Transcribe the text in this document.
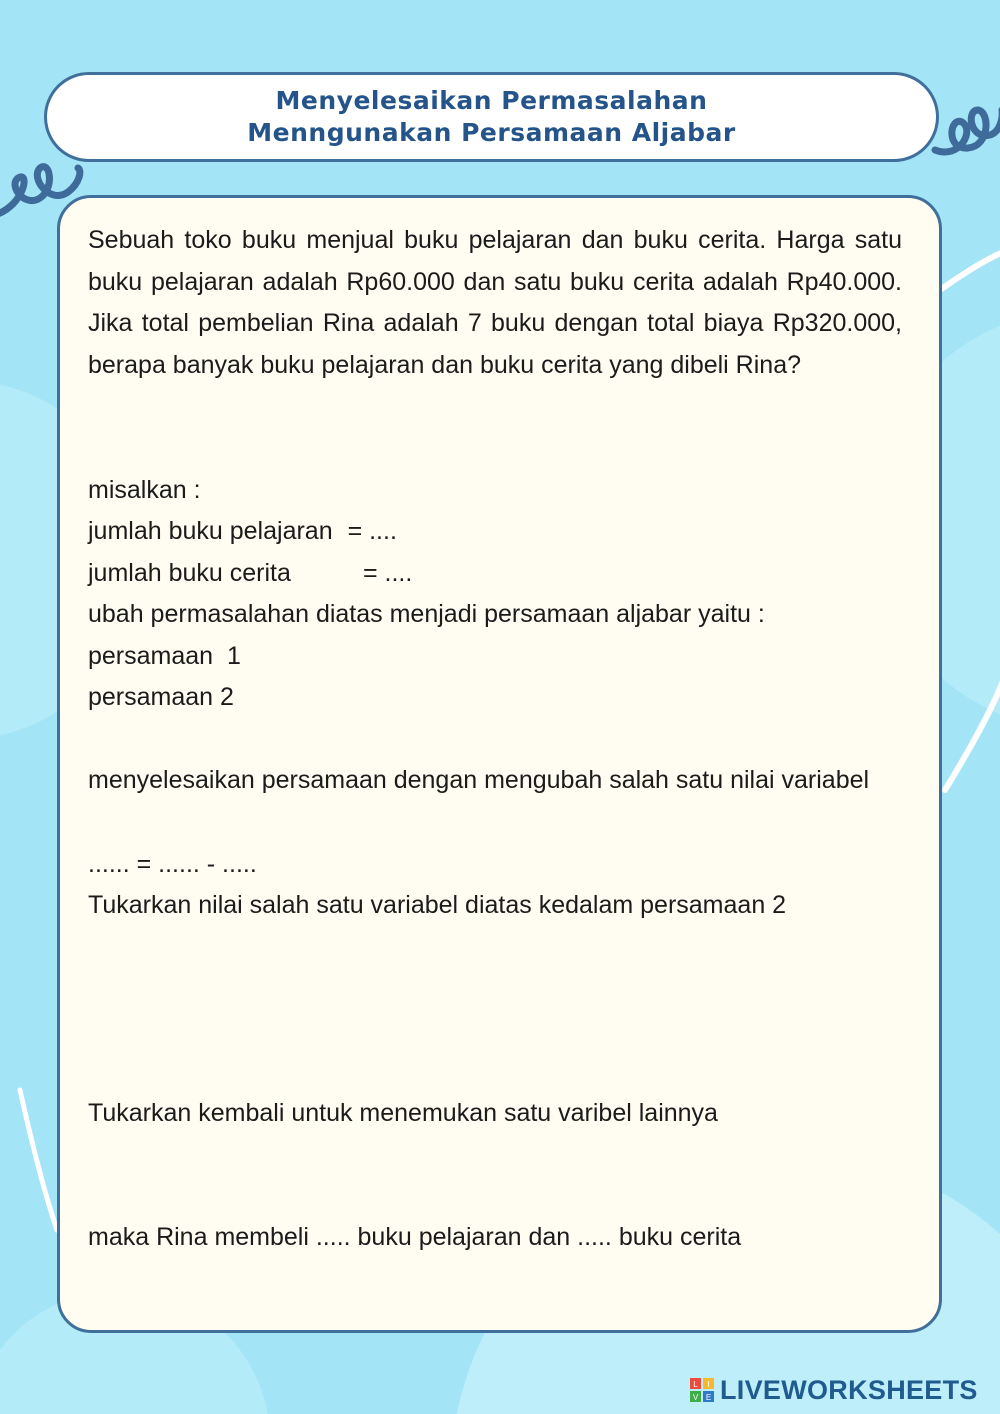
Menyelesaikan Permasalahan
Menngunakan Persamaan Aljabar
Sebuah toko buku menjual buku pelajaran dan buku cerita. Harga satu buku pelajaran adalah Rp60.000 dan satu buku cerita adalah Rp40.000. Jika total pembelian Rina adalah 7 buku dengan total biaya Rp320.000, berapa banyak buku pelajaran dan buku cerita yang dibeli Rina?
misalkan :
jumlah buku pelajaran = ....
jumlah buku cerita	= ....
ubah permasalahan diatas menjadi persamaan aljabar yaitu :
persamaan  1
persamaan 2
menyelesaikan persamaan dengan mengubah salah satu nilai variabel
...... = ...... - .....
Tukarkan nilai salah satu variabel diatas kedalam persamaan 2
Tukarkan kembali untuk menemukan satu varibel lainnya
maka Rina membeli ..... buku pelajaran dan ..... buku cerita
L I
V E LIVEWORKSHEETS
